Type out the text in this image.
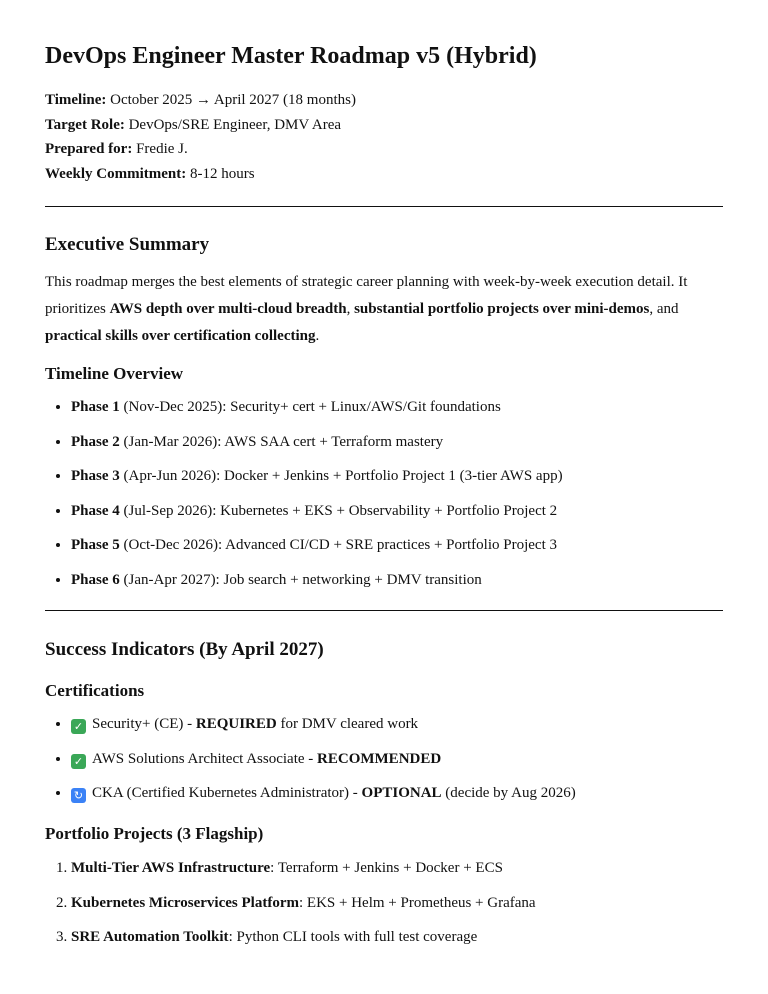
DevOps Engineer Master Roadmap v5 (Hybrid)

Timeline: October 2025 → April 2027 (18 months)

Target Role: DevOps/SRE Engineer, DMV Area

Prepared for: Fredie J.

Weekly Commitment: 8-12 hours

Executive Summary

This roadmap merges the best elements of strategic career planning with week-by-week execution detail. It prioritizes AWS depth over multi-cloud breadth, substantial portfolio projects over mini-demos, and practical skills over certification collecting.

Timeline Overview
• Phase 1 (Nov-Dec 2025): Security+ cert + Linux/AWS/Git foundations
• Phase 2 (Jan-Mar 2026): AWS SAA cert + Terraform mastery
• Phase 3 (Apr-Jun 2026): Docker + Jenkins + Portfolio Project 1 (3-tier AWS app)
• Phase 4 (Jul-Sep 2026): Kubernetes + EKS + Observability + Portfolio Project 2
• Phase 5 (Oct-Dec 2026): Advanced CI/CD + SRE practices + Portfolio Project 3
• Phase 6 (Jan-Apr 2027): Job search + networking + DMV transition
Success Indicators (By April 2027)
Certifications
• ✓ Security+ (CE) - REQUIRED for DMV cleared work
• ✓ AWS Solutions Architect Associate - RECOMMENDED
• ↻ CKA (Certified Kubernetes Administrator) - OPTIONAL (decide by Aug 2026)
Portfolio Projects (3 Flagship)
1. Multi-Tier AWS Infrastructure: Terraform + Jenkins + Docker + ECS
2. Kubernetes Microservices Platform: EKS + Helm + Prometheus + Grafana
3. SRE Automation Toolkit: Python CLI tools with full test coverage
